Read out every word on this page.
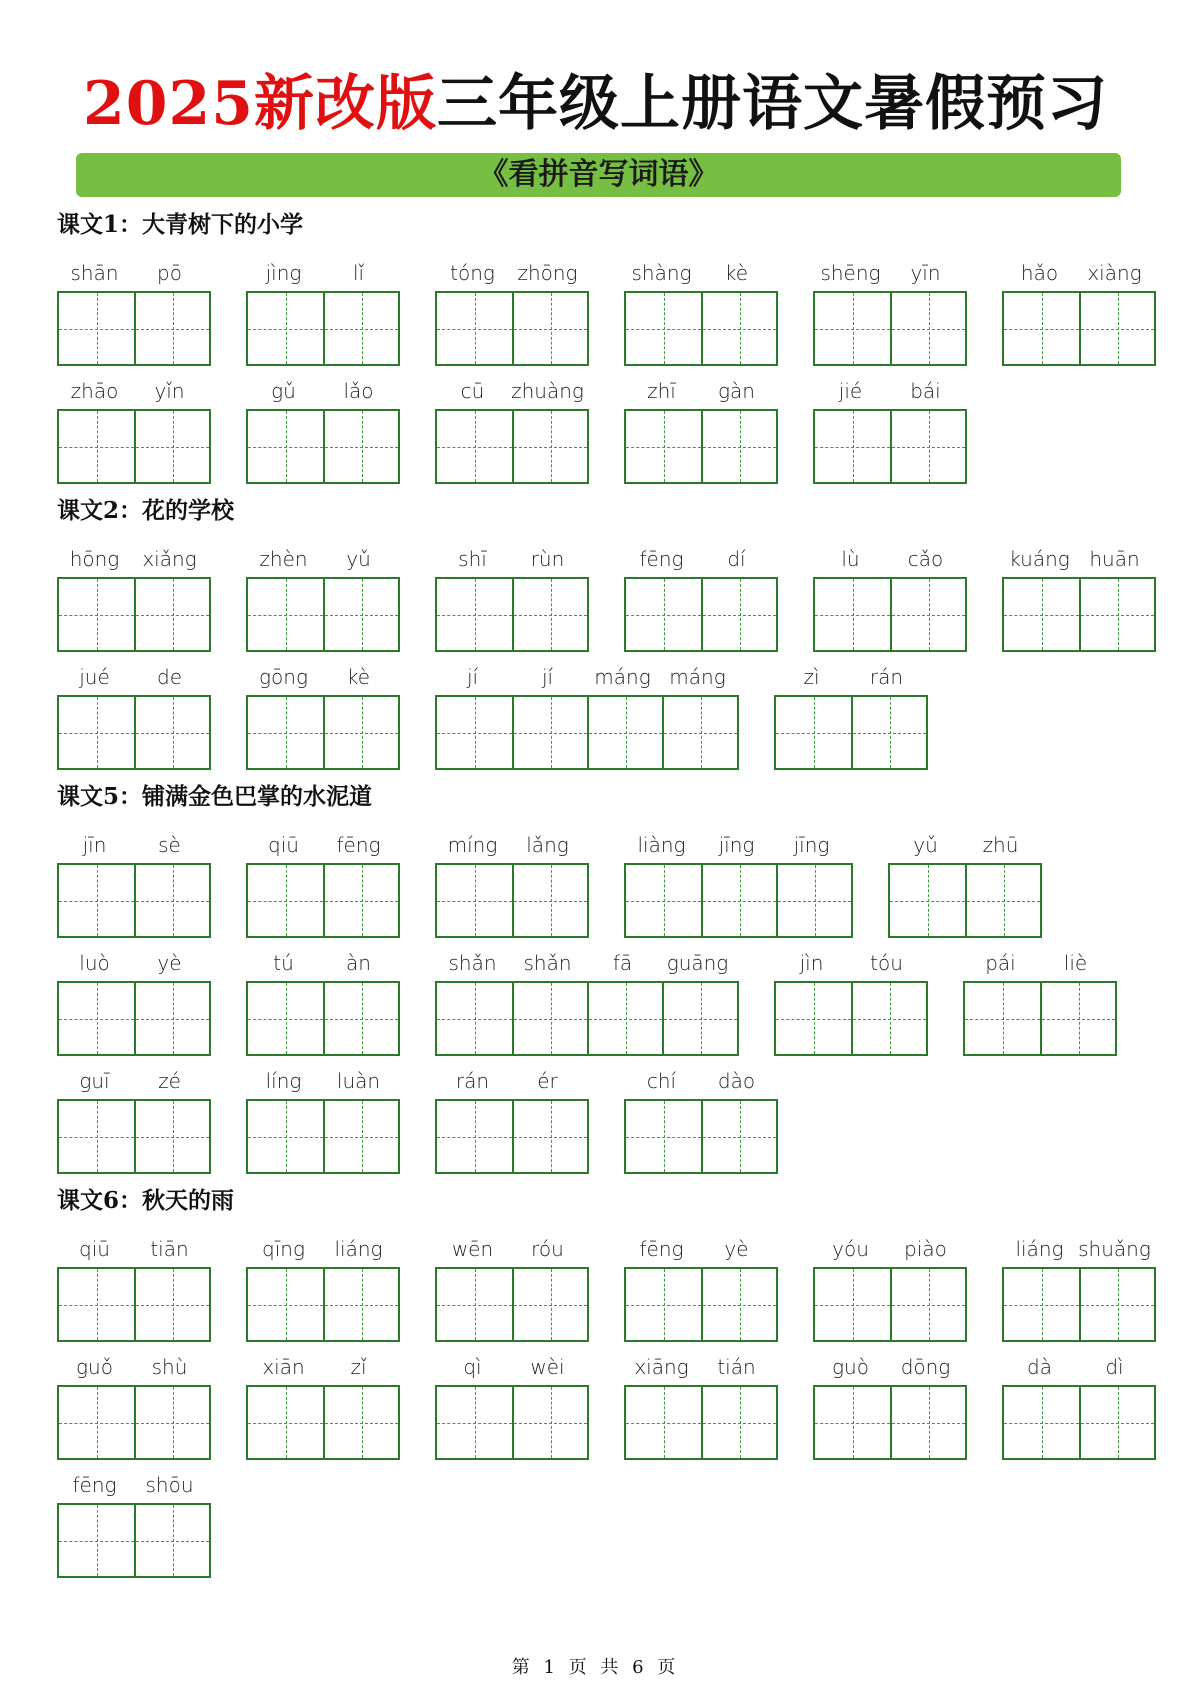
2025新改版三年级上册语文暑假预习
《看拼音写词语》
课文1：大青树下的小学
shān	pō	jìng	lǐ	tóng	zhōng	shàng	kè	shēng	yīn	hǎo	xiàng
zhāo	yǐn	gǔ	lǎo	cū	zhuàng	zhī	gàn	jié	bái
课文2：花的学校
hōng	xiǎng	zhèn	yǔ	shī	rùn	fēng	dí	lù	cǎo	kuáng huān
jué	de	gōng	kè	jí	jí	máng máng	zì	rán
课文5：铺满金色巴掌的水泥道
jīn	sè	qiū	fēng	míng	lǎng	liàng	jīng	jīng	yǔ	zhū
luò	yè	tú	àn	shǎn	shǎn	fā	guāng	jìn	tóu	pái	liè
guī	zé	líng	luàn	rán	ér	chí	dào
课文6：秋天的雨
qiū	tiān	qīng	liáng	wēn	róu	fēng	yè	yóu	piào	liáng shuǎng
guǒ	shù	xiān	zǐ	qì	wèi	xiāng	tián	guò	dōng	dà	dì
fēng	shōu
第 1 页 共 6 页
